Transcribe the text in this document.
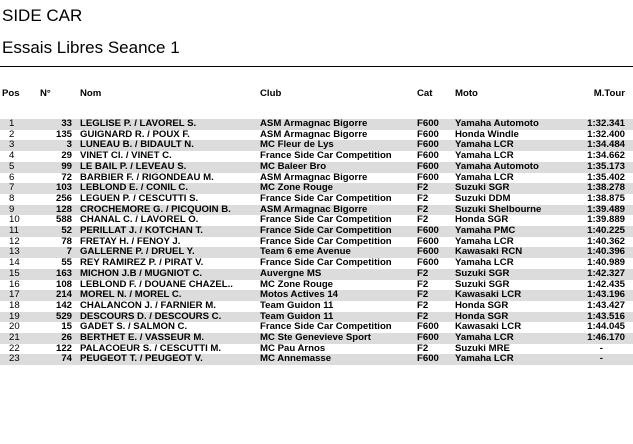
SIDE CAR
Essais Libres Seance 1
Pos	N°	Nom	Club	Cat	Moto	M.Tour

1	33	LEGLISE P. / LAVOREL S.	ASM Armagnac Bigorre	F600	Yamaha Automoto	1:32.341
2	135	GUIGNARD R. / POUX F.	ASM Armagnac Bigorre	F600	Honda Windle	1:32.400
3	3	LUNEAU B. / BIDAULT N.	MC Fleur de Lys	F600	Yamaha LCR	1:34.484
4	29	VINET Cl. / VINET C.	France Side Car Competition	F600	Yamaha LCR	1:34.662
5	99	LE BAIL P. / LEVEAU S.	MC Baleer Bro	F600	Yamaha Automoto	1:35.173
6	72	BARBIER F. / RIGONDEAU M.	ASM Armagnac Bigorre	F600	Yamaha LCR	1:35.402
7	103	LEBLOND E. / CONIL C.	MC Zone Rouge	F2	Suzuki SGR	1:38.278
8	256	LEGUEN P. / CESCUTTI S.	France Side Car Competition	F2	Suzuki DDM	1:38.875
9	128	CROCHEMORE G. / PICQUOIN B.	ASM Armagnac Bigorre	F2	Suzuki Shelbourne	1:39.489
10	588	CHANAL C. / LAVOREL O.	France Side Car Competition	F2	Honda SGR	1:39.889
11	52	PERILLAT J. / KOTCHAN T.	France Side Car Competition	F600	Yamaha PMC	1:40.225
12	78	FRETAY H. / FENOY J.	France Side Car Competition	F600	Yamaha LCR	1:40.362
13	7	GALLERNE P. / DRUEL Y.	Team 6 eme Avenue	F600	Kawasaki RCN	1:40.396
14	55	REY RAMIREZ P. / PIRAT V.	France Side Car Competition	F600	Yamaha LCR	1:40.989
15	163	MICHON J.B / MUGNIOT C.	Auvergne MS	F2	Suzuki SGR	1:42.327
16	108	LEBLOND F. / DOUANE CHAZEL..	MC Zone Rouge	F2	Suzuki SGR	1:42.435
17	214	MOREL N. / MOREL C.	Motos Actives 14	F2	Kawasaki LCR	1:43.196
18	142	CHALANCON J. / FARNIER M.	Team Guidon 11	F2	Honda SGR	1:43.427
19	529	DESCOURS D. / DESCOURS C.	Team Guidon 11	F2	Honda SGR	1:43.516
20	15	GADET S. / SALMON C.	France Side Car Competition	F600	Kawasaki LCR	1:44.045
21	26	BERTHET E. / VASSEUR M.	MC Ste Genevieve Sport	F600	Yamaha LCR	1:46.170
22	122	PALACOEUR S. / CESCUTTI M.	MC Pau Arnos	F2	Suzuki MRE	-
23	74	PEUGEOT T. / PEUGEOT V.	MC Annemasse	F600	Yamaha LCR	-
